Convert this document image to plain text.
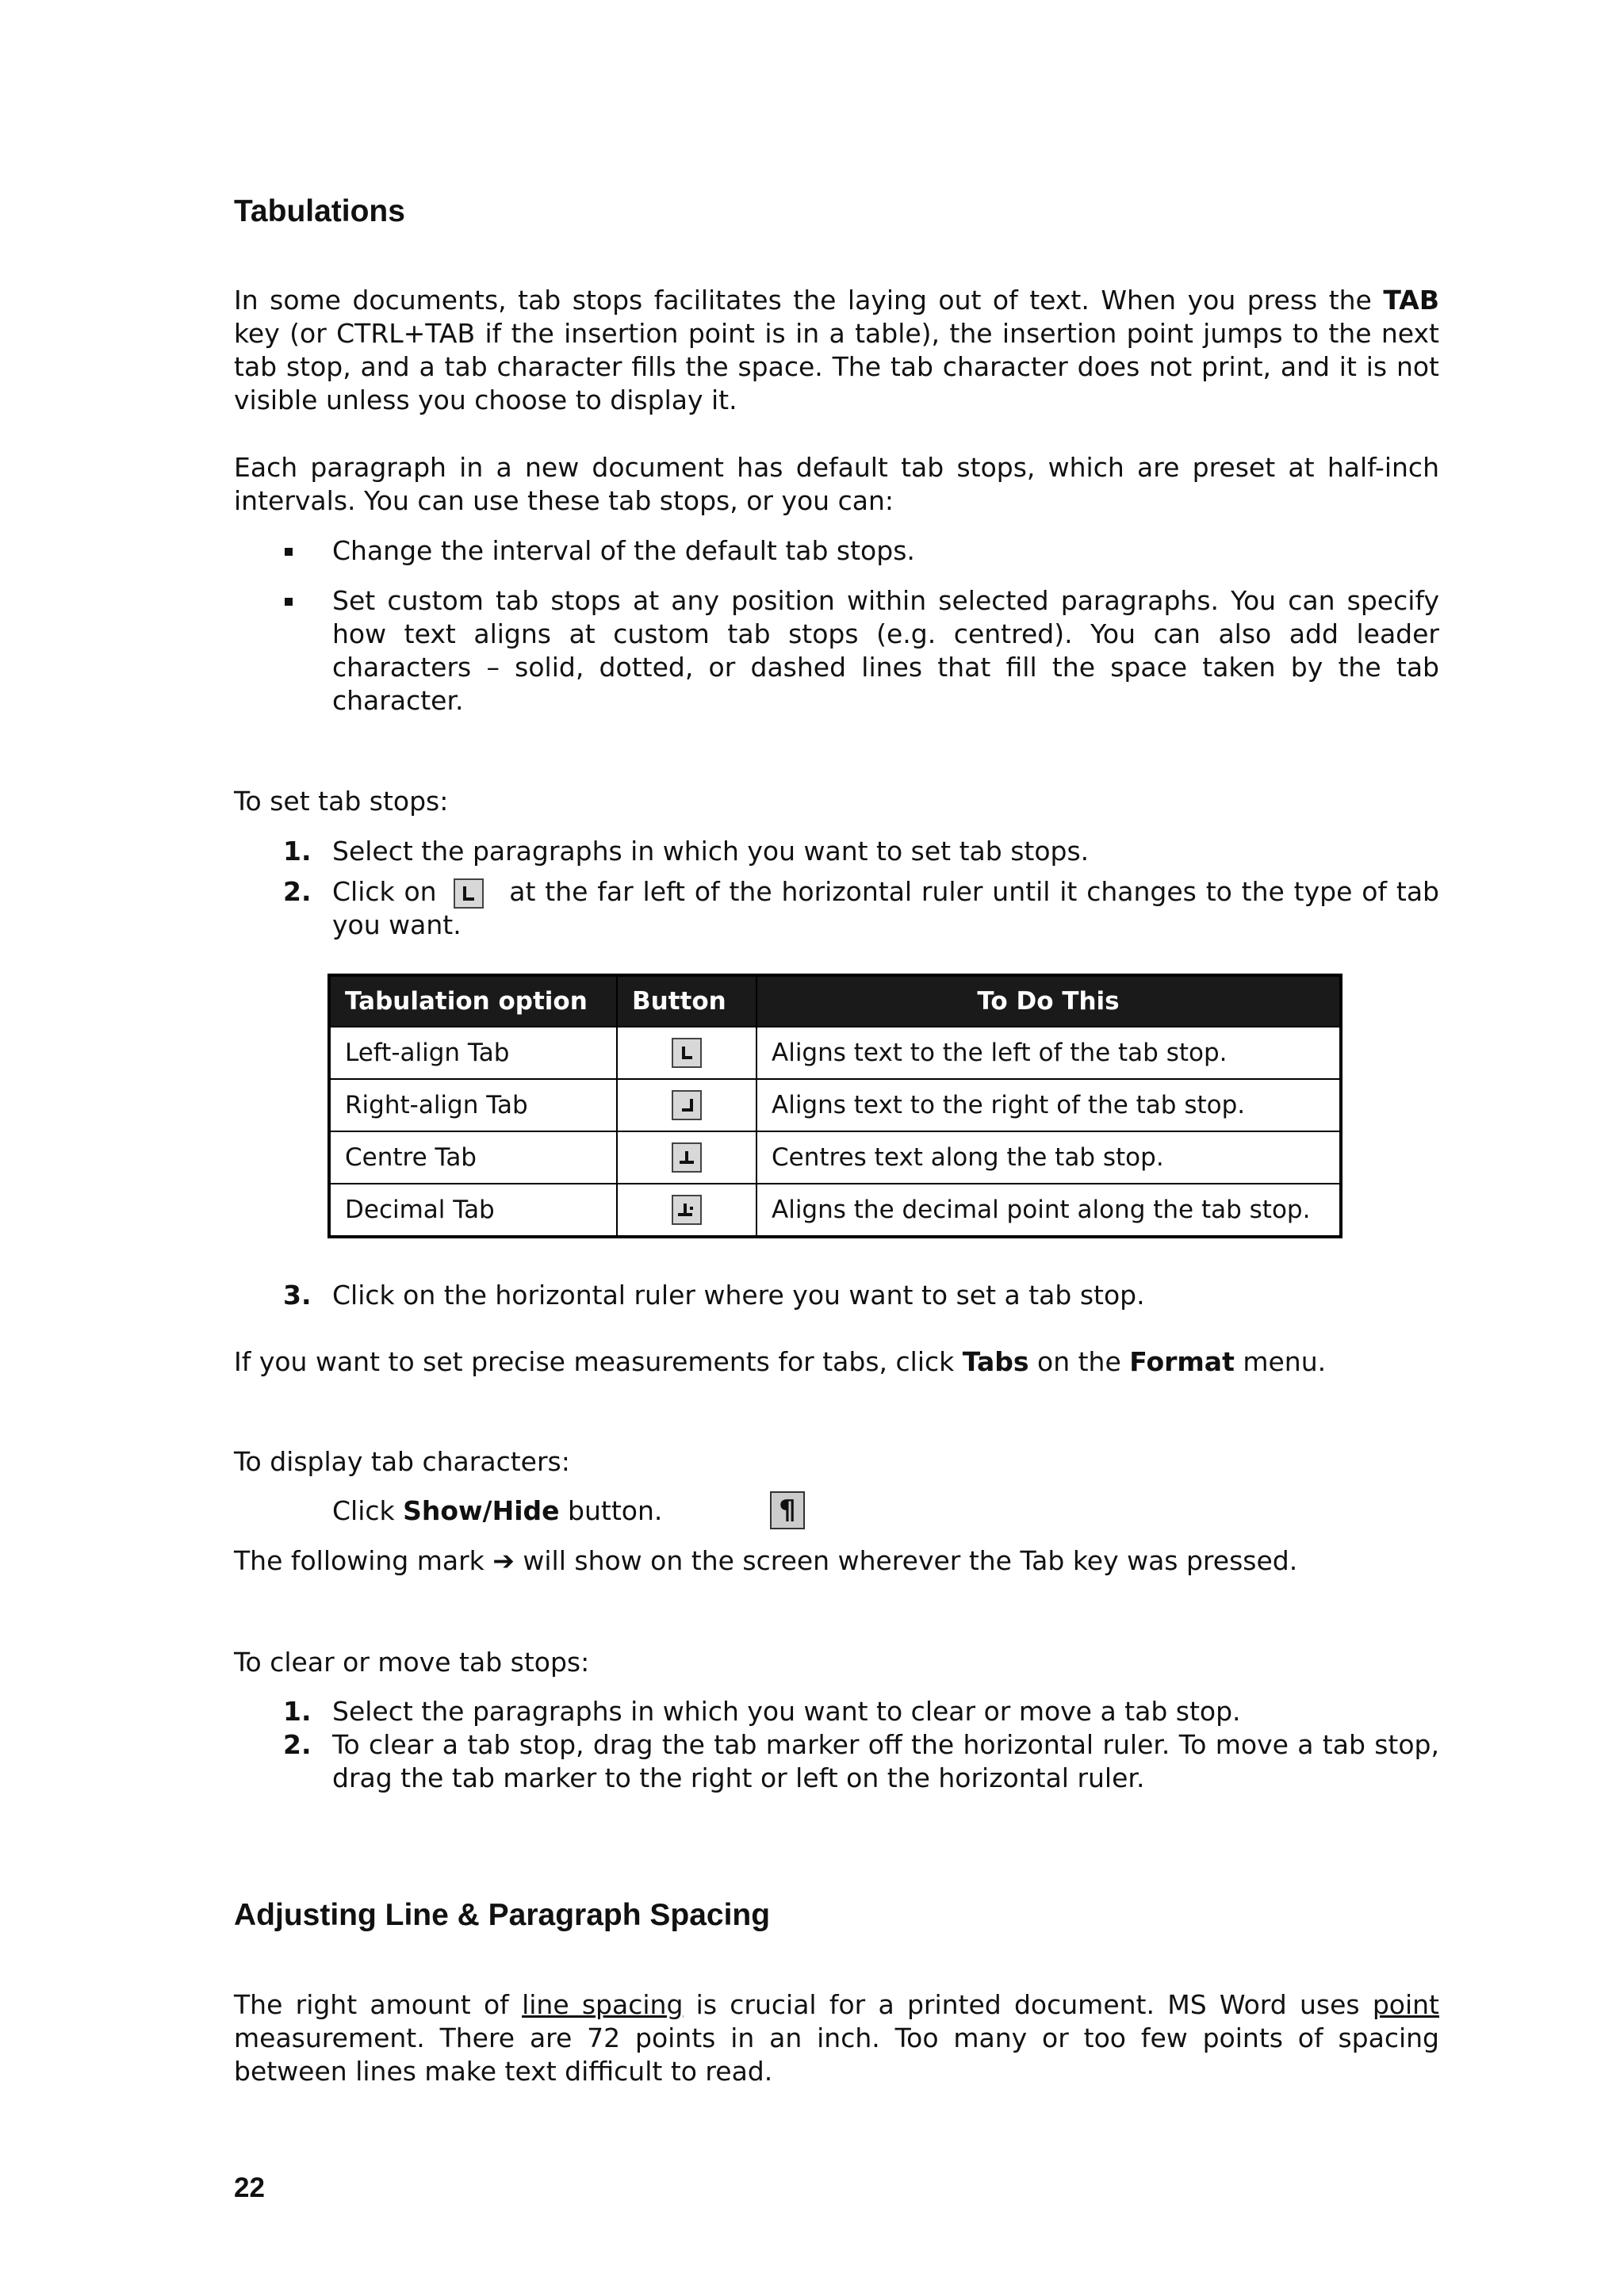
Tabulations

In some documents, tab stops facilitates the laying out of text. When you press the TAB key (or CTRL+TAB if the insertion point is in a table), the insertion point jumps to the next tab stop, and a tab character fills the space. The tab character does not print, and it is not visible unless you choose to display it.

Each paragraph in a new document has default tab stops, which are preset at half-inch intervals. You can use these tab stops, or you can:

Change the interval of the default tab stops.
Set custom tab stops at any position within selected paragraphs. You can specify how text aligns at custom tab stops (e.g. centred). You can also add leader characters – solid, dotted, or dashed lines that fill the space taken by the tab character.

To set tab stops:

1. Select the paragraphs in which you want to set tab stops.
2. Click on
at the far left of the horizontal ruler until it changes to the type of tab you want.
Tabulation option	Button	To Do This
Left-align Tab		Aligns text to the left of the tab stop.
Right-align Tab		Aligns text to the right of the tab stop.
Centre Tab		Centres text along the tab stop.
Decimal Tab		Aligns the decimal point along the tab stop.
3. Click on the horizontal ruler where you want to set a tab stop.

If you want to set precise measurements for tabs, click Tabs on the Format menu.

To display tab characters:

Click Show/Hide button.	¶

The following mark ➔ will show on the screen wherever the Tab key was pressed.

To clear or move tab stops:

1. Select the paragraphs in which you want to clear or move a tab stop.
2. To clear a tab stop, drag the tab marker off the horizontal ruler. To move a tab stop, drag the tab marker to the right or left on the horizontal ruler.
Adjusting Line & Paragraph Spacing

The right amount of line spacing is crucial for a printed document. MS Word uses point measurement. There are 72 points in an inch. Too many or too few points of spacing between lines make text difficult to read.

22
